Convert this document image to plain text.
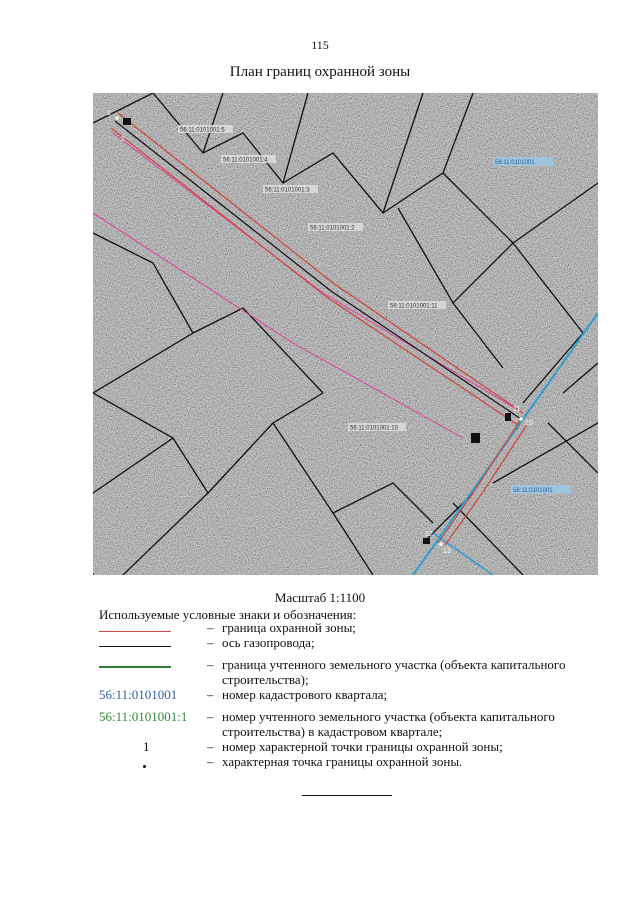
115
План границ охранной зоны
56:11:0101001:5
56:11:0101001:4
56:11:0101001:3
56:11:0101001:2
56:11:0101001:11
56:11:0101001:10
56:11:0101001
56:11:0101001
1
2
10
11
12
13
Масштаб 1:1100
Используемые условные знаки и обозначения:
– граница охранной зоны;
– ось газопровода;
– граница учтенного земельного участка (объекта капитального строительства);
56:11:0101001 – номер кадастрового квартала;
56:11:0101001:1 – номер учтенного земельного участка (объекта капитального строительства) в кадастровом квартале;
1	– номер характерной точки границы охранной зоны;
– характерная точка границы охранной зоны.
